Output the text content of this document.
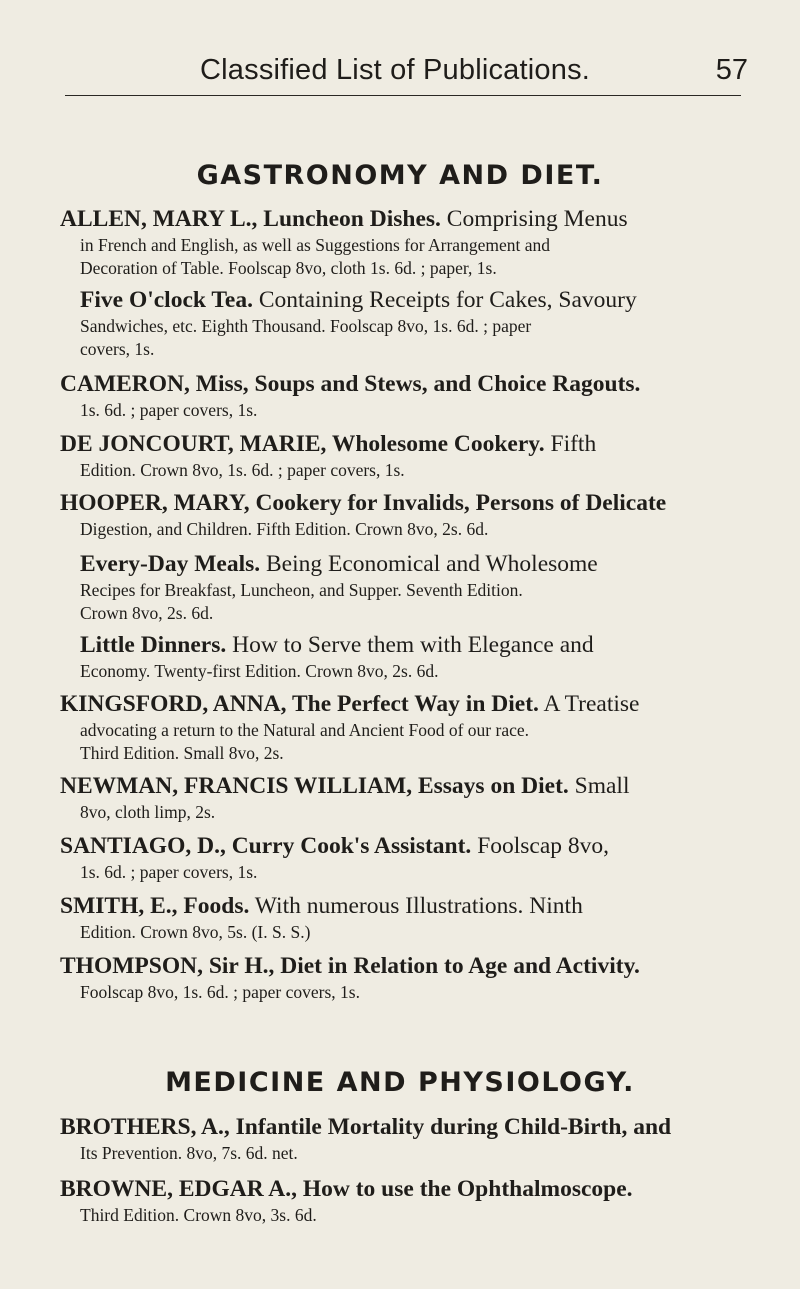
Classified List of Publications.	57
GASTRONOMY AND DIET.
ALLEN, MARY L., Luncheon Dishes. Comprising Menus
in French and English, as well as Suggestions for Arrangement and
Decoration of Table. Foolscap 8vo, cloth 1s. 6d. ; paper, 1s.
Five O'clock Tea. Containing Receipts for Cakes, Savoury
Sandwiches, etc. Eighth Thousand. Foolscap 8vo, 1s. 6d. ; paper
covers, 1s.
CAMERON, Miss, Soups and Stews, and Choice Ragouts.
1s. 6d. ; paper covers, 1s.
DE JONCOURT, MARIE, Wholesome Cookery. Fifth
Edition. Crown 8vo, 1s. 6d. ; paper covers, 1s.
HOOPER, MARY, Cookery for Invalids, Persons of Delicate
Digestion, and Children. Fifth Edition. Crown 8vo, 2s. 6d.
Every-Day Meals. Being Economical and Wholesome
Recipes for Breakfast, Luncheon, and Supper. Seventh Edition.
Crown 8vo, 2s. 6d.
Little Dinners. How to Serve them with Elegance and
Economy. Twenty-first Edition. Crown 8vo, 2s. 6d.
KINGSFORD, ANNA, The Perfect Way in Diet. A Treatise
advocating a return to the Natural and Ancient Food of our race.
Third Edition. Small 8vo, 2s.
NEWMAN, FRANCIS WILLIAM, Essays on Diet. Small
8vo, cloth limp, 2s.
SANTIAGO, D., Curry Cook's Assistant. Foolscap 8vo,
1s. 6d. ; paper covers, 1s.
SMITH, E., Foods. With numerous Illustrations. Ninth
Edition. Crown 8vo, 5s. (I. S. S.)
THOMPSON, Sir H., Diet in Relation to Age and Activity.
Foolscap 8vo, 1s. 6d. ; paper covers, 1s.
MEDICINE AND PHYSIOLOGY.
BROTHERS, A., Infantile Mortality during Child-Birth, and
Its Prevention. 8vo, 7s. 6d. net.
BROWNE, EDGAR A., How to use the Ophthalmoscope.
Third Edition. Crown 8vo, 3s. 6d.
